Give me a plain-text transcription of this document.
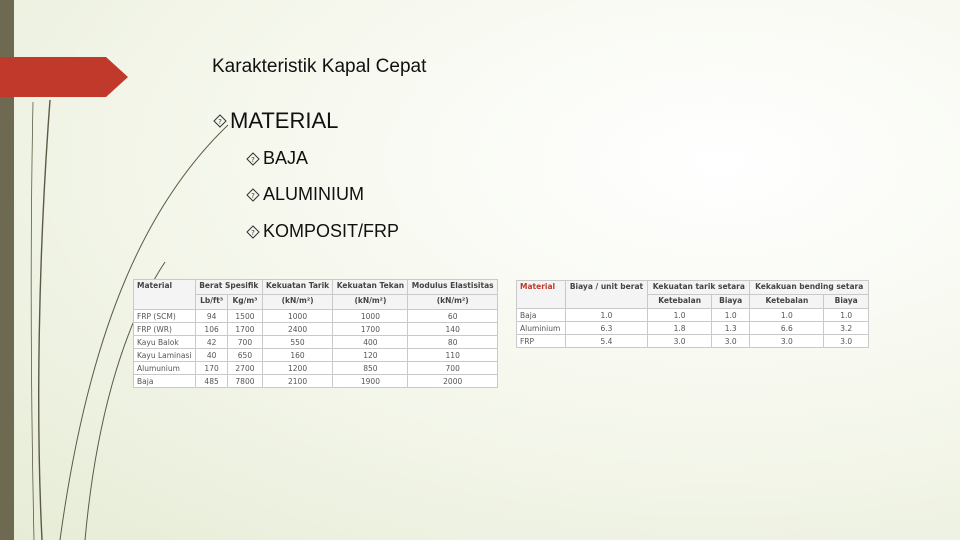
Karakteristik Kapal Cepat
? MATERIAL
? BAJA
? ALUMINIUM
? KOMPOSIT/FRP
Material	Berat Spesifik		Kekuatan Tarik	Kekuatan Tekan	Modulus Elastisitas
	Lb/ft³	Kg/m³	(kN/m²)	(kN/m²)	(kN/m²)
FRP (SCM)	94	1500	1000	1000	60
FRP (WR)	106	1700	2400	1700	140
Kayu Balok	42	700	550	400	80
Kayu Laminasi	40	650	160	120	110
Alumunium	170	2700	1200	850	700
Baja	485	7800	2100	1900	2000
Material	Biaya / unit berat	Kekuatan tarik setara		Kekakuan bending setara	
		Ketebalan	Biaya	Ketebalan	Biaya
Baja	1.0	1.0	1.0	1.0	1.0
Aluminium	6.3	1.8	1.3	6.6	3.2
FRP	5.4	3.0	3.0	3.0	3.0
